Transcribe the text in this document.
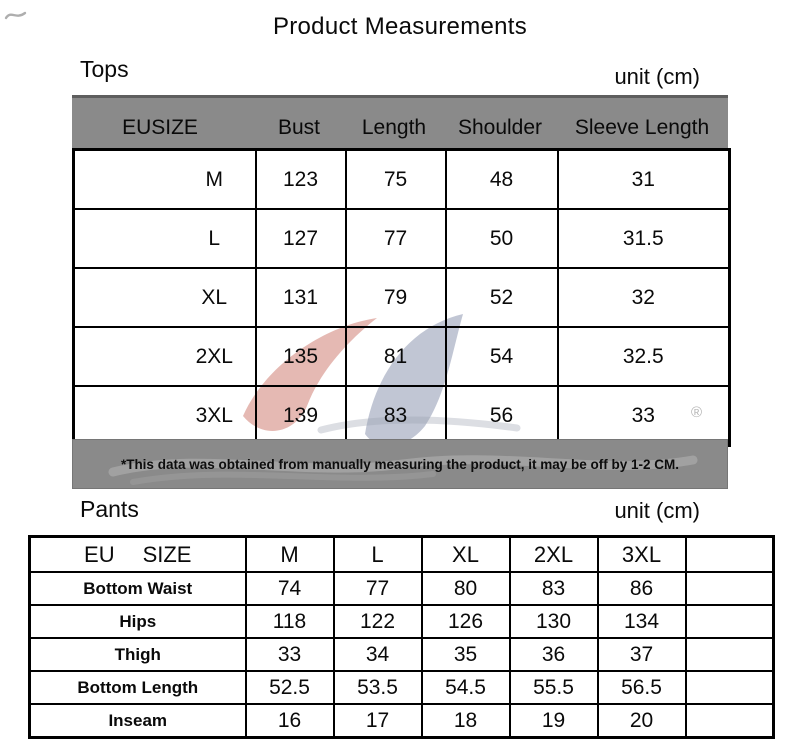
Product Measurements
Tops	unit (cm)
EU SIZE	Bust	Length	Shoulder	Sleeve Length
M	123	75	48	31
L	127	77	50	31.5
XL	131	79	52	32
2XL	135	81	54	32.5
3XL	139	83	56	33 ®
*This data was obtained from manually measuring the product, it may be off by 1-2 CM.
Pants	unit (cm)
EU SIZE	M	L	XL	2XL	3XL	
Bottom Waist	74	77	80	83	86	
Hips	118	122	126	130	134	
Thigh	33	34	35	36	37	
Bottom Length	52.5	53.5	54.5	55.5	56.5	
Inseam	16	17	18	19	20	
